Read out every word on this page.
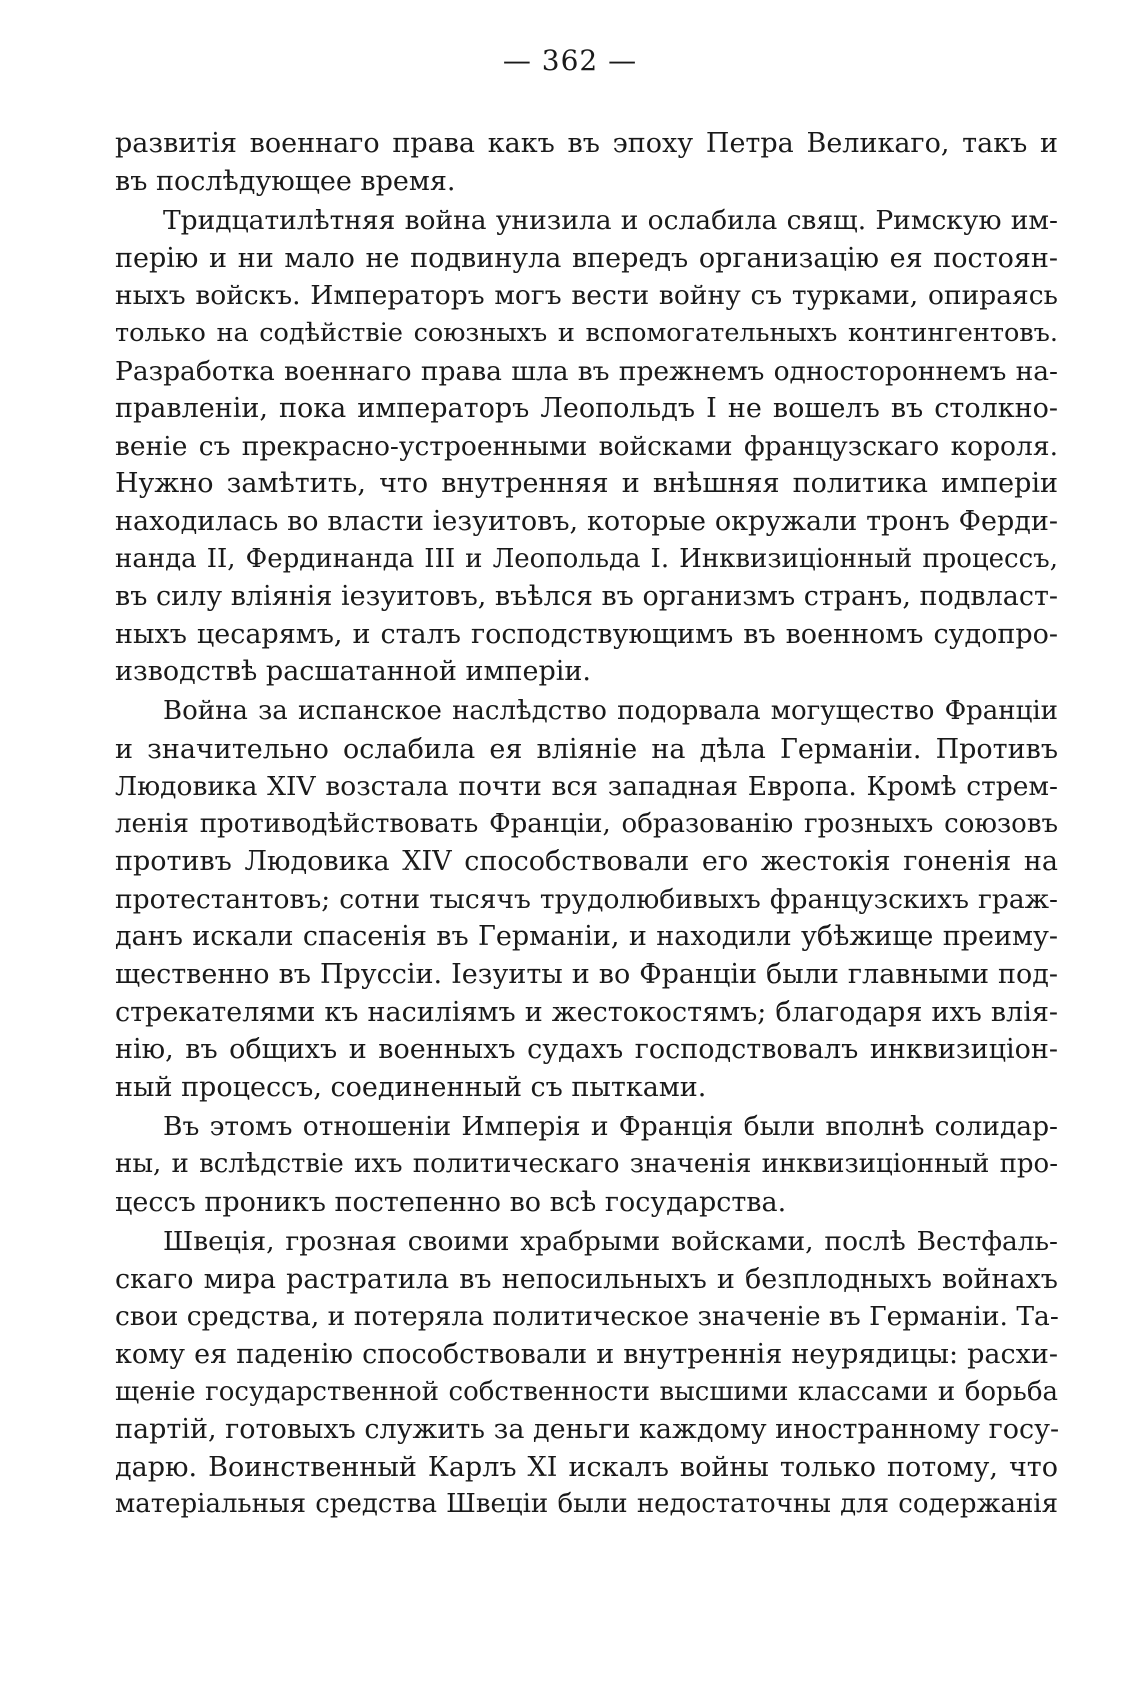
— 362 —
развитія военнаго права какъ въ эпоху Петра Великаго, такъ и
въ послѣдующее время.
Тридцатилѣтняя война унизила и ослабила свящ. Римскую им-
перію и ни мало не подвинула впередъ организацію ея постоян-
ныхъ войскъ. Императоръ могъ вести войну съ турками, опираясь
только на содѣйствіе союзныхъ и вспомогательныхъ контингентовъ.
Разработка военнаго права шла въ прежнемъ одностороннемъ на-
правленіи, пока императоръ Леопольдъ I не вошелъ въ столкно-
веніе съ прекрасно-устроенными войсками французскаго короля.
Нужно замѣтить, что внутренняя и внѣшняя политика имперіи
находилась во власти іезуитовъ, которые окружали тронъ Ферди-
нанда II, Фердинанда III и Леопольда I. Инквизиціонный процессъ,
въ силу вліянія іезуитовъ, въѣлся въ организмъ странъ, подвласт-
ныхъ цесарямъ, и сталъ господствующимъ въ военномъ судопро-
изводствѣ расшатанной имперіи.
Война за испанское наслѣдство подорвала могущество Франціи
и значительно ослабила ея вліяніе на дѣла Германіи. Противъ
Людовика XIV возстала почти вся западная Европа. Кромѣ стрем-
ленія противодѣйствовать Франціи, образованію грозныхъ союзовъ
противъ Людовика XIV способствовали его жестокія гоненія на
протестантовъ; сотни тысячъ трудолюбивыхъ французскихъ граж-
данъ искали спасенія въ Германіи, и находили убѣжище преиму-
щественно въ Пруссіи. Іезуиты и во Франціи были главными под-
стрекателями къ насиліямъ и жестокостямъ; благодаря ихъ влія-
нію, въ общихъ и военныхъ судахъ господствовалъ инквизиціон-
ный процессъ, соединенный съ пытками.
Въ этомъ отношеніи Имперія и Франція были вполнѣ солидар-
ны, и вслѣдствіе ихъ политическаго значенія инквизиціонный про-
цессъ проникъ постепенно во всѣ государства.
Швеція, грозная своими храбрыми войсками, послѣ Вестфаль-
скаго мира растратила въ непосильныхъ и безплодныхъ войнахъ
свои средства, и потеряла политическое значеніе въ Германіи. Та-
кому ея паденію способствовали и внутреннія неурядицы: расхи-
щеніе государственной собственности высшими классами и борьба
партій, готовыхъ служить за деньги каждому иностранному госу-
дарю. Воинственный Карлъ XI искалъ войны только потому, что
матеріальныя средства Швеціи были недостаточны для содержанія
